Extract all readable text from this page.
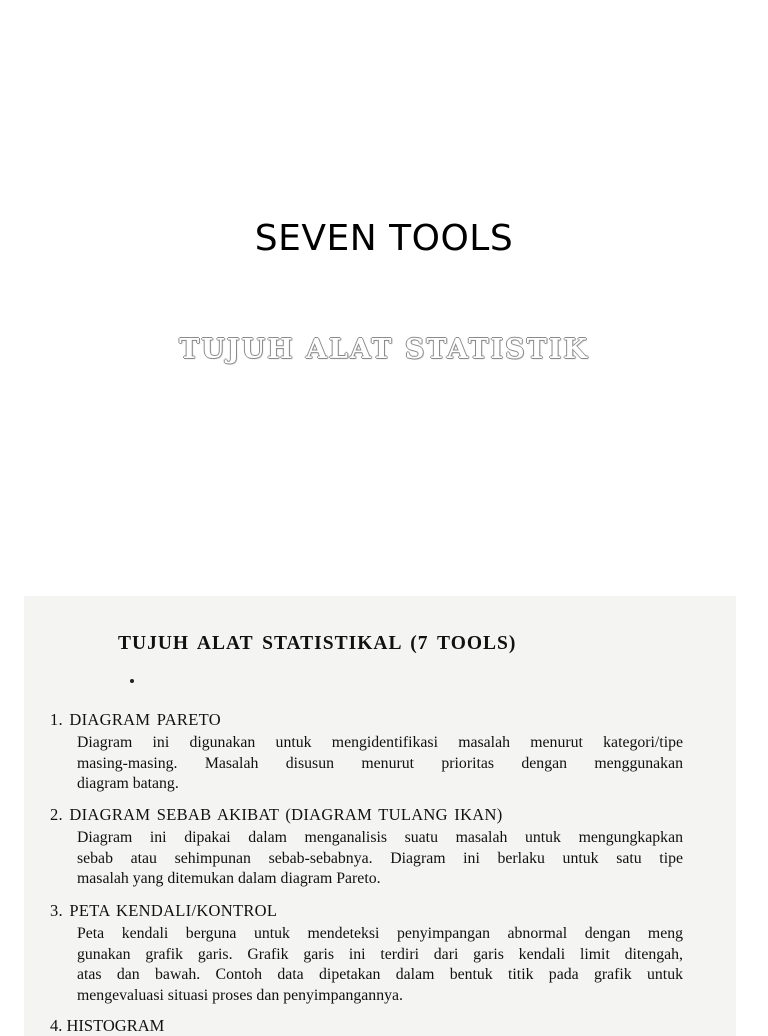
SEVEN TOOLS
TUJUH ALAT STATISTIK
TUJUH ALAT STATISTIKAL (7 TOOLS)
1. DIAGRAM PARETO
Diagram ini digunakan untuk mengidentifikasi masalah menurut kategori/tipe
masing-masing. Masalah disusun menurut prioritas dengan menggunakan
diagram batang.
2. DIAGRAM SEBAB AKIBAT (DIAGRAM TULANG IKAN)
Diagram ini dipakai dalam menganalisis suatu masalah untuk mengungkapkan
sebab atau sehimpunan sebab-sebabnya. Diagram ini berlaku untuk satu tipe
masalah yang ditemukan dalam diagram Pareto.
3. PETA KENDALI/KONTROL
Peta kendali berguna untuk mendeteksi penyimpangan abnormal dengan meng
gunakan grafik garis. Grafik garis ini terdiri dari garis kendali limit ditengah,
atas dan bawah. Contoh data dipetakan dalam bentuk titik pada grafik untuk
mengevaluasi situasi proses dan penyimpangannya.
4. HISTOGRAM
